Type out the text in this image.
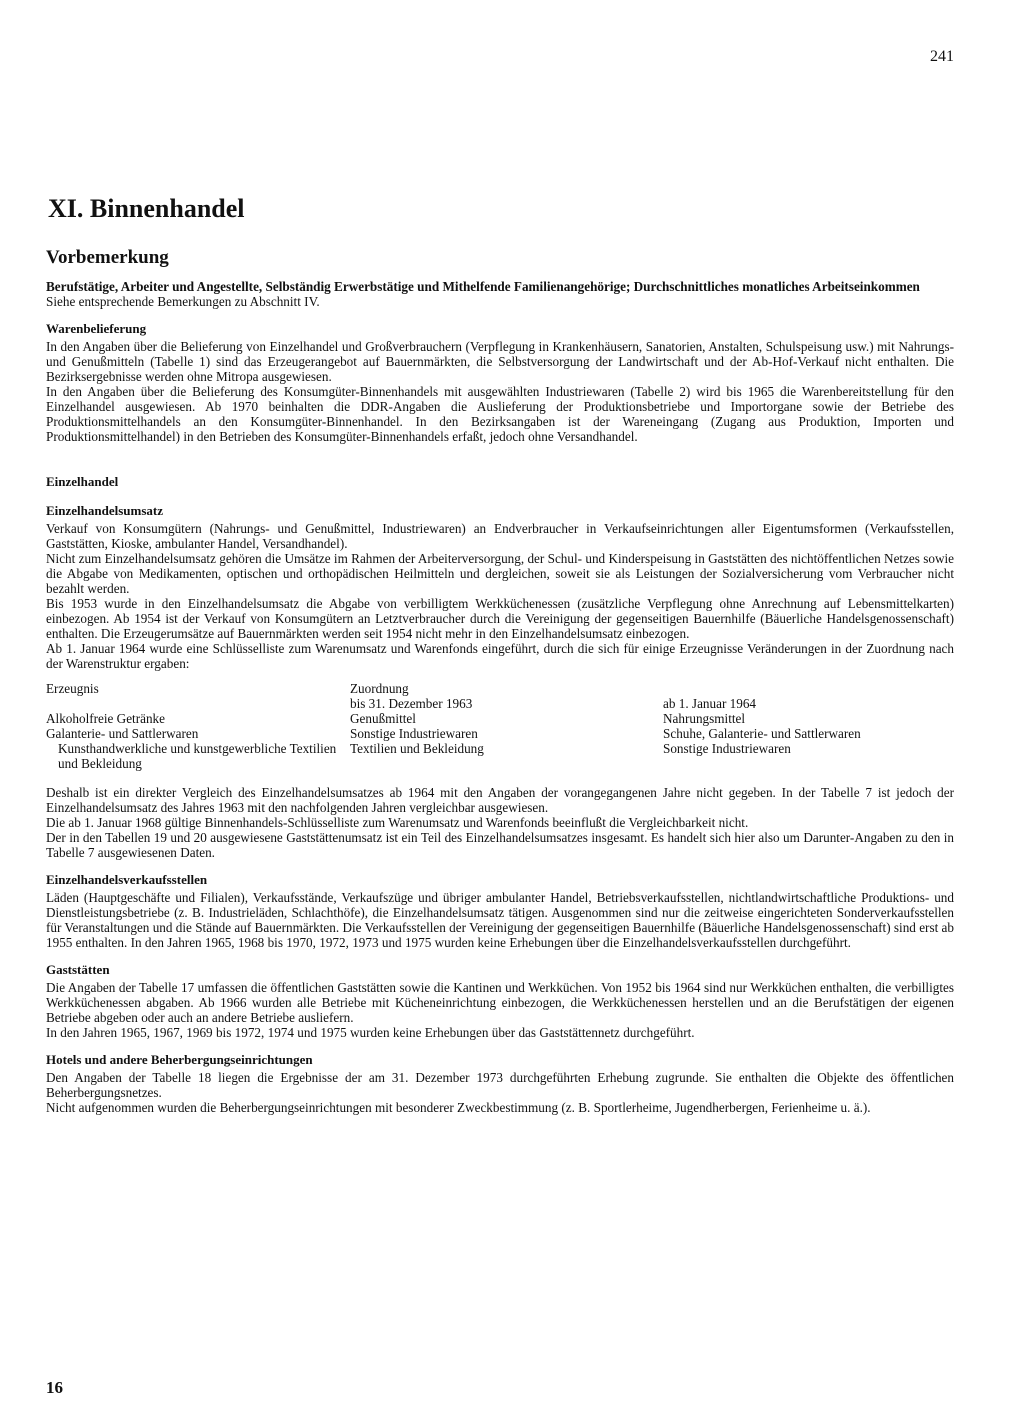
241
XI. Binnenhandel
Vorbemerkung

Berufstätige, Arbeiter und Angestellte, Selbständig Erwerbstätige und Mithelfende Familienangehörige; Durchschnittliches monatliches Arbeitseinkommen

Siehe entsprechende Bemerkungen zu Abschnitt IV.

Warenbelieferung

In den Angaben über die Belieferung von Einzelhandel und Großverbrauchern (Verpflegung in Krankenhäusern, Sanatorien, Anstalten, Schulspeisung usw.) mit Nahrungs- und Genußmitteln (Tabelle 1) sind das Erzeugerangebot auf Bauernmärkten, die Selbstversorgung der Landwirtschaft und der Ab-Hof-Verkauf nicht enthalten. Die Bezirksergebnisse werden ohne Mitropa ausgewiesen.

In den Angaben über die Belieferung des Konsumgüter-Binnenhandels mit ausgewählten Industriewaren (Tabelle 2) wird bis 1965 die Warenbereitstellung für den Einzelhandel ausgewiesen. Ab 1970 beinhalten die DDR-Angaben die Auslieferung der Produktionsbetriebe und Importorgane sowie der Betriebe des Produktionsmittelhandels an den Konsumgüter-Binnenhandel. In den Bezirksangaben ist der Wareneingang (Zugang aus Produktion, Importen und Produktionsmittelhandel) in den Betrieben des Konsumgüter-Binnenhandels erfaßt, jedoch ohne Versandhandel.

Einzelhandel
Einzelhandelsumsatz

Verkauf von Konsumgütern (Nahrungs- und Genußmittel, Industriewaren) an Endverbraucher in Verkaufseinrichtungen aller Eigentumsformen (Verkaufsstellen, Gaststätten, Kioske, ambulanter Handel, Versandhandel).

Nicht zum Einzelhandelsumsatz gehören die Umsätze im Rahmen der Arbeiterversorgung, der Schul- und Kinderspeisung in Gaststätten des nichtöffentlichen Netzes sowie die Abgabe von Medikamenten, optischen und orthopädischen Heilmitteln und dergleichen, soweit sie als Leistungen der Sozialversicherung vom Verbraucher nicht bezahlt werden.

Bis 1953 wurde in den Einzelhandelsumsatz die Abgabe von verbilligtem Werkküchenessen (zusätzliche Verpflegung ohne Anrechnung auf Lebensmittelkarten) einbezogen. Ab 1954 ist der Verkauf von Konsumgütern an Letztverbraucher durch die Vereinigung der gegenseitigen Bauernhilfe (Bäuerliche Handelsgenossenschaft) enthalten. Die Erzeugerumsätze auf Bauernmärkten werden seit 1954 nicht mehr in den Einzelhandelsumsatz einbezogen.

Ab 1. Januar 1964 wurde eine Schlüsselliste zum Warenumsatz und Warenfonds eingeführt, durch die sich für einige Erzeugnisse Veränderungen in der Zuordnung nach der Warenstruktur ergaben:

Erzeugnis
Alkoholfreie Getränke
Galanterie- und Sattlerwaren
Kunsthandwerkliche und kunstgewerbliche Textilien und Bekleidung
Zuordnung
bis 31. Dezember 1963
Genußmittel
Sonstige Industriewaren
Textilien und Bekleidung
ab 1. Januar 1964
Nahrungsmittel
Schuhe, Galanterie- und Sattlerwaren
Sonstige Industriewaren

Deshalb ist ein direkter Vergleich des Einzelhandelsumsatzes ab 1964 mit den Angaben der vorangegangenen Jahre nicht gegeben. In der Tabelle 7 ist jedoch der Einzelhandelsumsatz des Jahres 1963 mit den nachfolgenden Jahren vergleichbar ausgewiesen.

Die ab 1. Januar 1968 gültige Binnenhandels-Schlüsselliste zum Warenumsatz und Warenfonds beeinflußt die Vergleichbarkeit nicht.

Der in den Tabellen 19 und 20 ausgewiesene Gaststättenumsatz ist ein Teil des Einzelhandelsumsatzes insgesamt. Es handelt sich hier also um Darunter-Angaben zu den in Tabelle 7 ausgewiesenen Daten.

Einzelhandelsverkaufsstellen

Läden (Hauptgeschäfte und Filialen), Verkaufsstände, Verkaufszüge und übriger ambulanter Handel, Betriebsverkaufsstellen, nichtlandwirtschaftliche Produktions- und Dienstleistungsbetriebe (z. B. Industrieläden, Schlachthöfe), die Einzelhandelsumsatz tätigen. Ausgenommen sind nur die zeitweise eingerichteten Sonderverkaufsstellen für Veranstaltungen und die Stände auf Bauernmärkten. Die Verkaufsstellen der Vereinigung der gegenseitigen Bauernhilfe (Bäuerliche Handelsgenossenschaft) sind erst ab 1955 enthalten. In den Jahren 1965, 1968 bis 1970, 1972, 1973 und 1975 wurden keine Erhebungen über die Einzelhandelsverkaufsstellen durchgeführt.

Gaststätten

Die Angaben der Tabelle 17 umfassen die öffentlichen Gaststätten sowie die Kantinen und Werkküchen. Von 1952 bis 1964 sind nur Werkküchen enthalten, die verbilligtes Werkküchenessen abgaben. Ab 1966 wurden alle Betriebe mit Kücheneinrichtung einbezogen, die Werkküchenessen herstellen und an die Berufstätigen der eigenen Betriebe abgeben oder auch an andere Betriebe ausliefern.

In den Jahren 1965, 1967, 1969 bis 1972, 1974 und 1975 wurden keine Erhebungen über das Gaststättennetz durchgeführt.

Hotels und andere Beherbergungseinrichtungen

Den Angaben der Tabelle 18 liegen die Ergebnisse der am 31. Dezember 1973 durchgeführten Erhebung zugrunde. Sie enthalten die Objekte des öffentlichen Beherbergungsnetzes.

Nicht aufgenommen wurden die Beherbergungseinrichtungen mit besonderer Zweckbestimmung (z. B. Sportlerheime, Jugendherbergen, Ferienheime u. ä.).

16
